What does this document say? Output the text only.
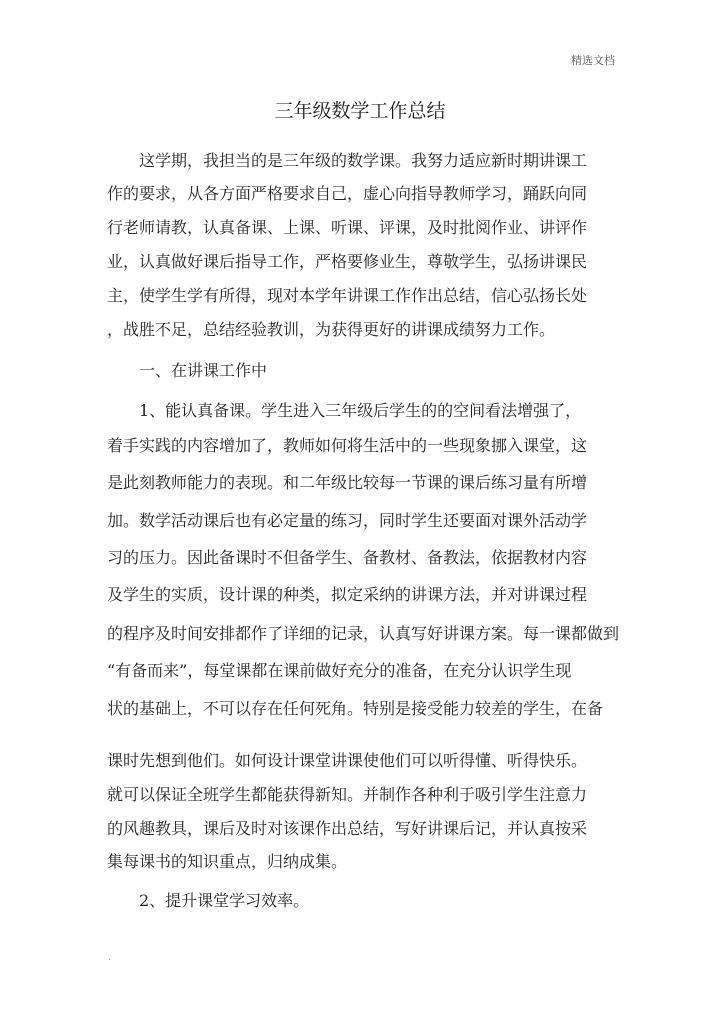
精选文档
三年级数学工作总结
　　这学期，我担当的是三年级的数学课。我努力适应新时期讲课工
作的要求，从各方面严格要求自己，虚心向指导教师学习，踊跃向同
行老师请教，认真备课、上课、听课、评课，及时批阅作业、讲评作
业，认真做好课后指导工作，严格要修业生，尊敬学生，弘扬讲课民
主，使学生学有所得，现对本学年讲课工作作出总结，信心弘扬长处
，战胜不足，总结经验教训，为获得更好的讲课成绩努力工作。
　　一、在讲课工作中
　　1、能认真备课。学生进入三年级后学生的的空间看法增强了，
着手实践的内容增加了，教师如何将生活中的一些现象挪入课堂，这
是此刻教师能力的表现。和二年级比较每一节课的课后练习量有所增
加。数学活动课后也有必定量的练习，同时学生还要面对课外活动学
习的压力。因此备课时不但备学生、备教材、备教法，依据教材内容
及学生的实质，设计课的种类，拟定采纳的讲课方法，并对讲课过程
的程序及时间安排都作了详细的记录，认真写好讲课方案。每一课都做到
“有备而来”，每堂课都在课前做好充分的准备，在充分认识学生现
状的基础上，不可以存在任何死角。特别是接受能力较差的学生，在备
课时先想到他们。如何设计课堂讲课使他们可以听得懂、听得快乐。
就可以保证全班学生都能获得新知。并制作各种利于吸引学生注意力
的风趣教具，课后及时对该课作出总结，写好讲课后记，并认真按采
集每课书的知识重点，归纳成集。
　　2、提升课堂学习效率。
.
